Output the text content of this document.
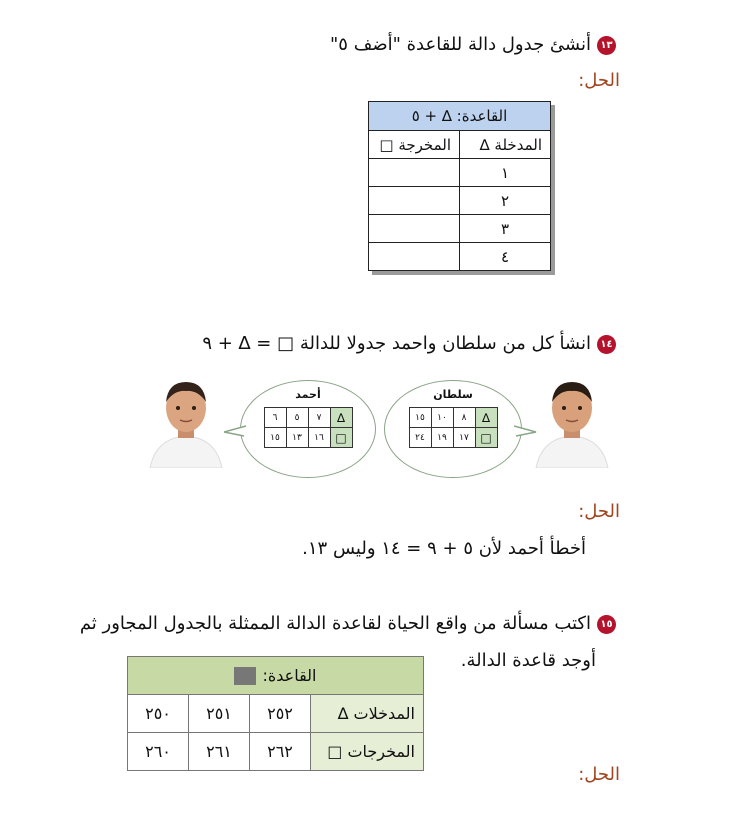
١٣أنشئ جدول دالة للقاعدة "أضف ٥"
الحل:
القاعدة: ∆ + ٥	
المدخلة ∆	المخرجة □
١	
٢	
٣	
٤	
١٤انشأ كل من سلطان واحمد جدولا للدالة □ = ∆ + ٩
سلطان
∆	٨	١٠	١٥
□	١٧	١٩	٢٤
أحمد
∆	٧	٥	٦
□	١٦	١٣	١٥
الحل:
أخطأ أحمد لأن ٥ + ٩ = ١٤ وليس ١٣.
١٥اكتب مسألة من واقع الحياة لقاعدة الدالة الممثلة بالجدول المجاور ثم
أوجد قاعدة الدالة.
القاعدة:			
المدخلات ∆	٢٥٢	٢٥١	٢٥٠
المخرجات □	٢٦٢	٢٦١	٢٦٠
الحل:
